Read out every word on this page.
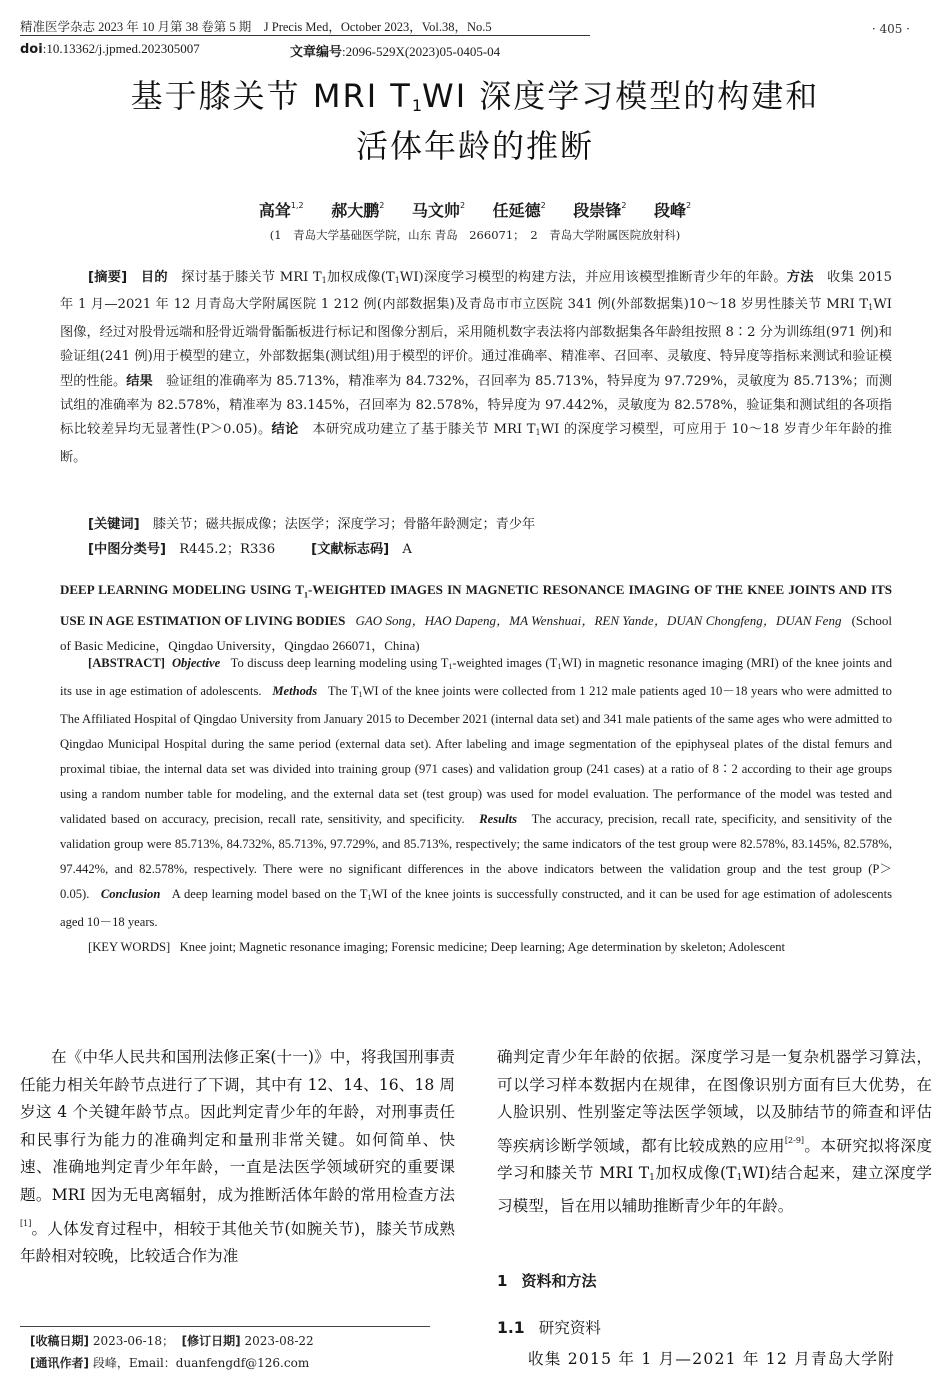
精准医学杂志 2023 年 10 月第 38 卷第 5 期　J Precis Med，October 2023，Vol.38，No.5	· 405 ·
doi:10.13362/j.jpmed.202305007	文章编号:2096-529X(2023)05-0405-04
基于膝关节 MRI $T_1WI$ 深度学习模型的构建和
活体年龄的推断
高耸$^{1,2}$ 郝大鹏$^2$ 马文帅$^2$ 任延德$^2$ 段崇锋$^2$ 段峰$^2$
(1　青岛大学基础医学院，山东 青岛　266071；　2　青岛大学附属医院放射科)
[摘要]　 目的　 探讨基于膝关节 MRI T1加权成像(T1WI)深度学习模型的构建方法，并应用该模型推断青少年的年龄。方法　 收集 2015 年 1 月—2021 年 12 月青岛大学附属医院 1 212 例(内部数据集)及青岛市市立医院 341 例(外部数据集)10～18 岁男性膝关节 MRI T1WI 图像，经过对股骨远端和胫骨近端骨骺骺板进行标记和图像分割后，采用随机数字表法将内部数据集各年龄组按照 8∶2 分为训练组(971 例)和验证组(241 例)用于模型的建立，外部数据集(测试组)用于模型的评价。通过准确率、精准率、召回率、灵敏度、特异度等指标来测试和验证模型的性能。结果　 验证组的准确率为 85.713%，精准率为 84.732%，召回率为 85.713%，特异度为 97.729%，灵敏度为 85.713%；而测试组的准确率为 82.578%，精准率为 83.145%，召回率为 82.578%，特异度为 97.442%，灵敏度为 82.578%，验证集和测试组的各项指标比较差异均无显著性(P＞0.05)。结论　 本研究成功建立了基于膝关节 MRI T1WI 的深度学习模型，可应用于 10～18 岁青少年年龄的推断。
[关键词]　 膝关节；磁共振成像；法医学；深度学习；骨骼年龄测定；青少年
[中图分类号]　 R445.2；R336	[文献标志码]　 A
DEEP LEARNING MODELING USING $T_1$-WEIGHTED IMAGES IN MAGNETIC RESONANCE IMAGING OF THE KNEE JOINTS AND ITS USE IN AGE ESTIMATION OF LIVING BODIES GAO Song，HAO Dapeng，MA Wenshuai，REN Yande，DUAN Chongfeng，DUAN Feng (School of Basic Medicine，Qingdao University，Qingdao 266071，China)
[ABSTRACT] Objective To discuss deep learning modeling using $T_1$-weighted images $(T_1WI)$ in magnetic resonance imaging (MRI) of the knee joints and its use in age estimation of adolescents. Methods The $T_1WI$ of the knee joints were collected from 1 212 male patients aged 10－18 years who were admitted to The Affiliated Hospital of Qingdao University from January 2015 to December 2021 (internal data set) and 341 male patients of the same ages who were admitted to Qingdao Municipal Hospital during the same period (external data set). After labeling and image segmentation of the epiphyseal plates of the distal femurs and proximal tibiae, the internal data set was divided into training group (971 cases) and validation group (241 cases) at a ratio of 8∶2 according to their age groups using a random number table for modeling, and the external data set (test group) was used for model evaluation. The performance of the model was tested and validated based on accuracy, precision, recall rate, sensitivity, and specificity. Results The accuracy, precision, recall rate, specificity, and sensitivity of the validation group were 85.713%, 84.732%, 85.713%, 97.729%, and 85.713%, respectively; the same indicators of the test group were 82.578%, 83.145%, 82.578%, 97.442%, and 82.578%, respectively. There were no significant differences in the above indicators between the validation group and the test group (P＞0.05). Conclusion A deep learning model based on the $T_1WI$ of the knee joints is successfully constructed, and it can be used for age estimation of adolescents aged 10－18 years.
[KEY WORDS] Knee joint; Magnetic resonance imaging; Forensic medicine; Deep learning; Age determination by skeleton; Adolescent
在《中华人民共和国刑法修正案(十一)》中，将我国刑事责任能力相关年龄节点进行了下调，其中有 12、14、16、18 周岁这 4 个关键年龄节点。因此判定青少年的年龄，对刑事责任和民事行为能力的准确判定和量刑非常关键。如何简单、快速、准确地判定青少年年龄，一直是法医学领域研究的重要课题。MRI 因为无电离辐射，成为推断活体年龄的常用检查方法[1]。人体发育过程中，相较于其他关节(如腕关节)，膝关节成熟年龄相对较晚，比较适合作为准
确判定青少年年龄的依据。深度学习是一复杂机器学习算法，可以学习样本数据内在规律，在图像识别方面有巨大优势，在人脸识别、性别鉴定等法医学领域，以及肺结节的筛查和评估等疾病诊断学领域，都有比较成熟的应用[2-9]。本研究拟将深度学习和膝关节 MRI $T_1$加权成像$(T_1WI)$结合起来，建立深度学习模型，旨在用以辅助推断青少年的年龄。
1 资料和方法
1.1 研究资料
收集 2015 年 1 月—2021 年 12 月青岛大学附
[收稿日期] 2023-06-18； [修订日期] 2023-08-22
[通讯作者] 段峰，Email：duanfengdf@126.com
